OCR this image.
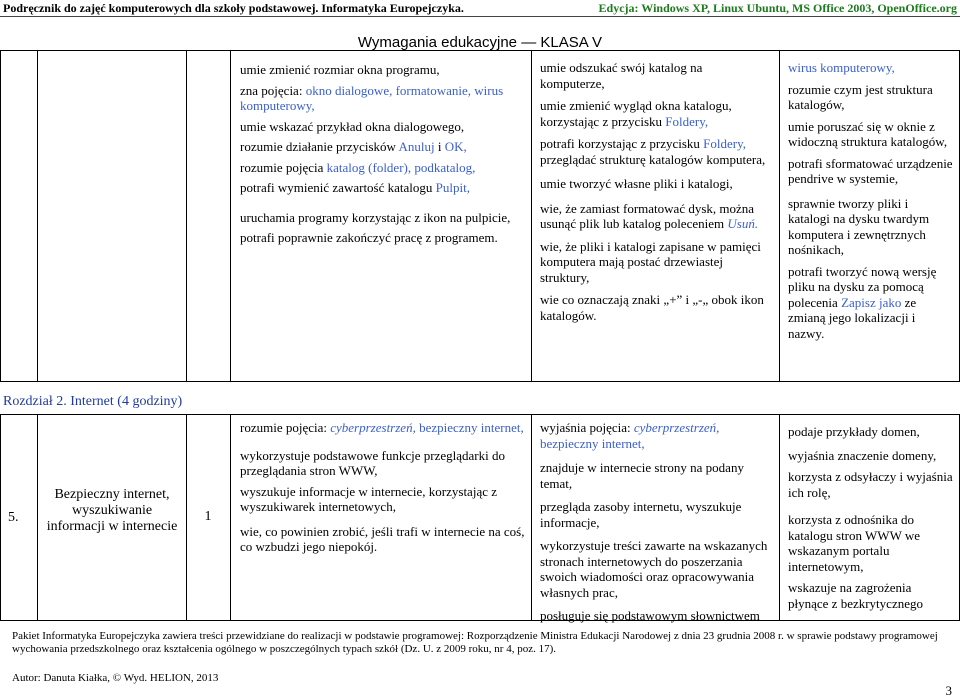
Podręcznik do zajęć komputerowych dla szkoły podstawowej. Informatyka Europejczyka.	Edycja: Windows XP, Linux Ubuntu, MS Office 2003, OpenOffice.org
Wymagania edukacyjne — KLASA V

umie zmienić rozmiar okna programu,

zna pojęcia: okno dialogowe, formatowanie, wirus komputerowy,

umie wskazać przykład okna dialogowego,

rozumie działanie przycisków Anuluj i OK,

rozumie pojęcia katalog (folder), podkatalog,

potrafi wymienić zawartość katalogu Pulpit,

uruchamia programy korzystając z ikon na pulpicie,

potrafi poprawnie zakończyć pracę z programem.

umie odszukać swój katalog na komputerze,

umie zmienić wygląd okna katalogu, korzystając z przycisku Foldery,

potrafi korzystając z przycisku Foldery, przeglądać strukturę katalogów komputera,

umie tworzyć własne pliki i katalogi,

wie, że zamiast formatować dysk, można usunąć plik lub katalog poleceniem Usuń.

wie, że pliki i katalogi zapisane w pamięci komputera mają postać drzewiastej struktury,

wie co oznaczają znaki „+” i „-„ obok ikon katalogów.

wirus komputerowy,

rozumie czym jest struktura katalogów,

umie poruszać się w oknie z widoczną struktura katalogów,

potrafi sformatować urządzenie pendrive w systemie,

sprawnie tworzy pliki i katalogi na dysku twardym komputera i zewnętrznych nośnikach,

potrafi tworzyć nową wersję pliku na dysku za pomocą polecenia Zapisz jako ze zmianą jego lokalizacji i nazwy.

Rozdział 2. Internet (4 godziny)
5.
Bezpieczny internet, wyszukiwanie informacji w internecie
1

rozumie pojęcia: cyberprzestrzeń, bezpieczny internet,

wykorzystuje podstawowe funkcje przeglądarki do przeglądania stron WWW,

wyszukuje informacje w internecie, korzystając z wyszukiwarek internetowych,

wie, co powinien zrobić, jeśli trafi w internecie na coś, co wzbudzi jego niepokój.

wyjaśnia pojęcia: cyberprzestrzeń, bezpieczny internet,

znajduje w internecie strony na podany temat,

przegląda zasoby internetu, wyszukuje informacje,

wykorzystuje treści zawarte na wskazanych stronach internetowych do poszerzania swoich wiadomości oraz opracowywania własnych prac,

posługuje się podstawowym słownictwem

podaje przykłady domen,

wyjaśnia znaczenie domeny,

korzysta z odsyłaczy i wyjaśnia ich rolę,

korzysta z odnośnika do katalogu stron WWW we wskazanym portalu internetowym,

wskazuje na zagrożenia płynące z bezkrytycznego

Pakiet Informatyka Europejczyka zawiera treści przewidziane do realizacji w podstawie programowej: Rozporządzenie Ministra Edukacji Narodowej z dnia 23 grudnia 2008 r. w sprawie podstawy programowej wychowania przedszkolnego oraz kształcenia ogólnego w poszczególnych typach szkół (Dz. U. z 2009 roku, nr 4, poz. 17).
Autor: Danuta Kiałka, © Wyd. HELION, 2013
3
